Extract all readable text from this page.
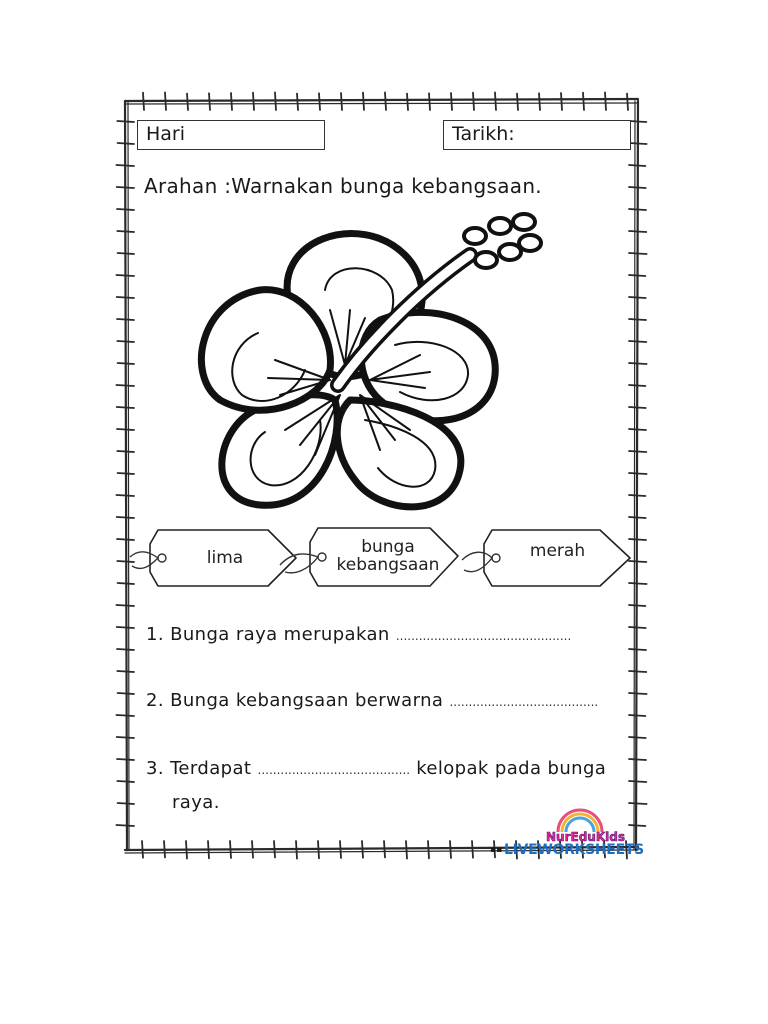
Hari	Tarikh:
Arahan :Warnakan bunga kebangsaan.
lima
bunga
kebangsaan
merah
1. Bunga raya merupakan ..............................................
2. Bunga kebangsaan berwarna .......................................
3. Terdapat ........................................ kelopak pada bunga
raya.
NurEduKids
▪▪ LIVEWORKSHEETS
